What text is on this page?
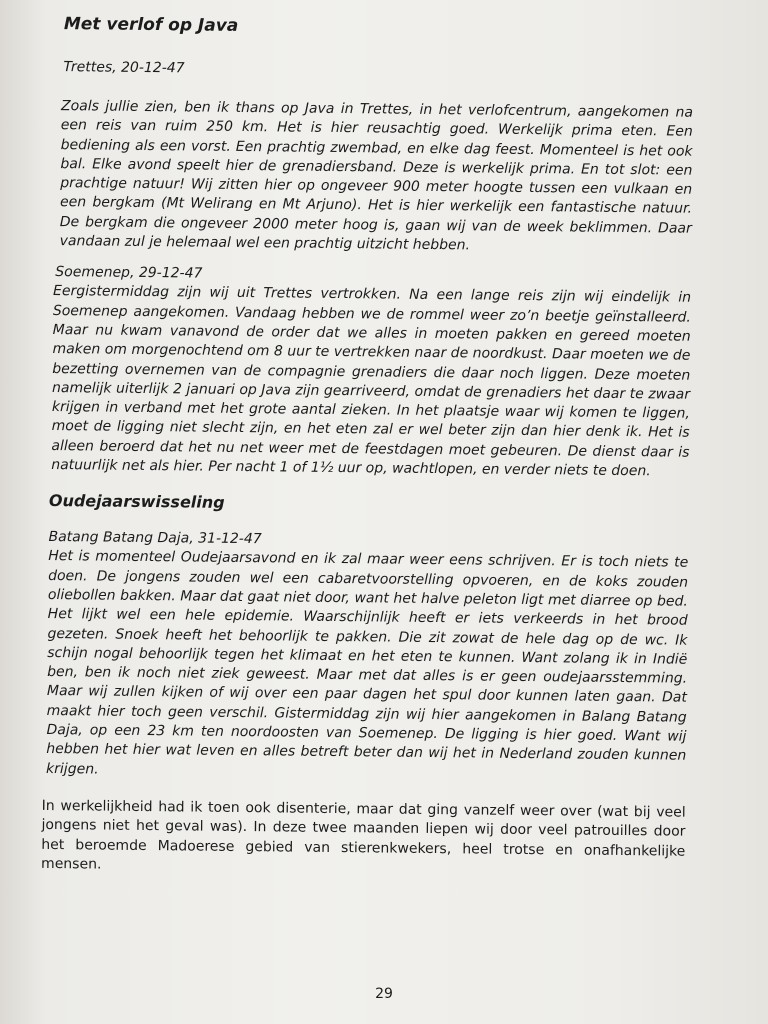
Met verlof op Java

Trettes, 20-12-47

Zoals jullie zien, ben ik thans op Java in Trettes, in het verlofcentrum, aangekomen na een reis van ruim 250 km. Het is hier reusachtig goed. Werkelijk prima eten. Een bediening als een vorst. Een prachtig zwembad, en elke dag feest. Momenteel is het ook bal. Elke avond speelt hier de grenadiersband. Deze is werkelijk prima. En tot slot: een prachtige natuur! Wij zitten hier op ongeveer 900 meter hoogte tussen een vulkaan en een bergkam (Mt Welirang en Mt Arjuno). Het is hier werkelijk een fantastische natuur. De bergkam die ongeveer 2000 meter hoog is, gaan wij van de week beklimmen. Daar vandaan zul je helemaal wel een prachtig uitzicht hebben.

Soemenep, 29-12-47

Eergistermiddag zijn wij uit Trettes vertrokken. Na een lange reis zijn wij eindelijk in Soemenep aangekomen. Vandaag hebben we de rommel weer zo’n beetje geïnstalleerd. Maar nu kwam vanavond de order dat we alles in moeten pakken en gereed moeten maken om morgenochtend om 8 uur te vertrekken naar de noordkust. Daar moeten we de bezetting overnemen van de compagnie grenadiers die daar noch liggen. Deze moeten namelijk uiterlijk 2 januari op Java zijn gearriveerd, omdat de grenadiers het daar te zwaar krijgen in verband met het grote aantal zieken. In het plaatsje waar wij komen te liggen, moet de ligging niet slecht zijn, en het eten zal er wel beter zijn dan hier denk ik. Het is alleen beroerd dat het nu net weer met de feestdagen moet gebeuren. De dienst daar is natuurlijk net als hier. Per nacht 1 of 1½ uur op, wachtlopen, en verder niets te doen.

Oudejaarswisseling

Batang Batang Daja, 31-12-47

Het is momenteel Oudejaarsavond en ik zal maar weer eens schrijven. Er is toch niets te doen. De jongens zouden wel een cabaretvoorstelling opvoeren, en de koks zouden oliebollen bakken. Maar dat gaat niet door, want het halve peleton ligt met diarree op bed. Het lijkt wel een hele epidemie. Waarschijnlijk heeft er iets verkeerds in het brood gezeten. Snoek heeft het behoorlijk te pakken. Die zit zowat de hele dag op de wc. Ik schijn nogal behoorlijk tegen het klimaat en het eten te kunnen. Want zolang ik in Indië ben, ben ik noch niet ziek geweest. Maar met dat alles is er geen oudejaarsstemming. Maar wij zullen kijken of wij over een paar dagen het spul door kunnen laten gaan. Dat maakt hier toch geen verschil. Gistermiddag zijn wij hier aangekomen in Balang Batang Daja, op een 23 km ten noordoosten van Soemenep. De ligging is hier goed. Want wij hebben het hier wat leven en alles betreft beter dan wij het in Nederland zouden kunnen krijgen.

In werkelijkheid had ik toen ook disenterie, maar dat ging vanzelf weer over (wat bij veel jongens niet het geval was). In deze twee maanden liepen wij door veel patrouilles door het beroemde Madoerese gebied van stierenkwekers, heel trotse en onafhankelijke mensen.

29
